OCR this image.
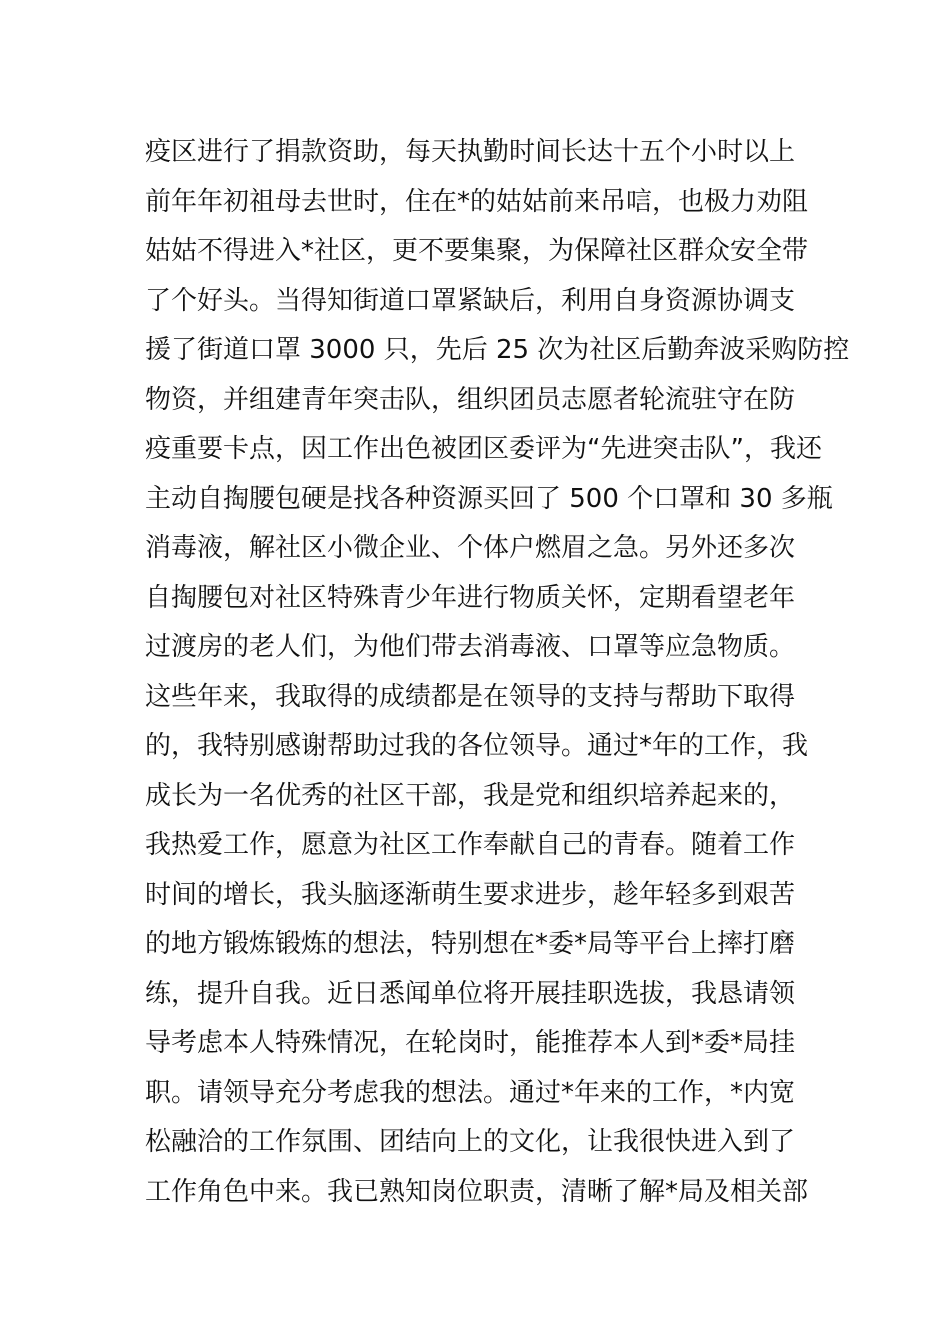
疫区进行了捐款资助，每天执勤时间长达十五个小时以上
前年年初祖母去世时，住在*的姑姑前来吊唁，也极力劝阻
姑姑不得进入*社区，更不要集聚，为保障社区群众安全带
了个好头。当得知街道口罩紧缺后，利用自身资源协调支
援了街道口罩 3000 只，先后 25 次为社区后勤奔波采购防控
物资，并组建青年突击队，组织团员志愿者轮流驻守在防
疫重要卡点，因工作出色被团区委评为“先进突击队”，我还
主动自掏腰包硬是找各种资源买回了 500 个口罩和 30 多瓶
消毒液，解社区小微企业、个体户燃眉之急。另外还多次
自掏腰包对社区特殊青少年进行物质关怀，定期看望老年
过渡房的老人们，为他们带去消毒液、口罩等应急物质。
这些年来，我取得的成绩都是在领导的支持与帮助下取得
的，我特别感谢帮助过我的各位领导。通过*年的工作，我
成长为一名优秀的社区干部，我是党和组织培养起来的，
我热爱工作，愿意为社区工作奉献自己的青春。随着工作
时间的增长，我头脑逐渐萌生要求进步，趁年轻多到艰苦
的地方锻炼锻炼的想法，特别想在*委*局等平台上摔打磨
练，提升自我。近日悉闻单位将开展挂职选拔，我恳请领
导考虑本人特殊情况，在轮岗时，能推荐本人到*委*局挂
职。请领导充分考虑我的想法。通过*年来的工作，*内宽
松融洽的工作氛围、团结向上的文化，让我很快进入到了
工作角色中来。我已熟知岗位职责，清晰了解*局及相关部
